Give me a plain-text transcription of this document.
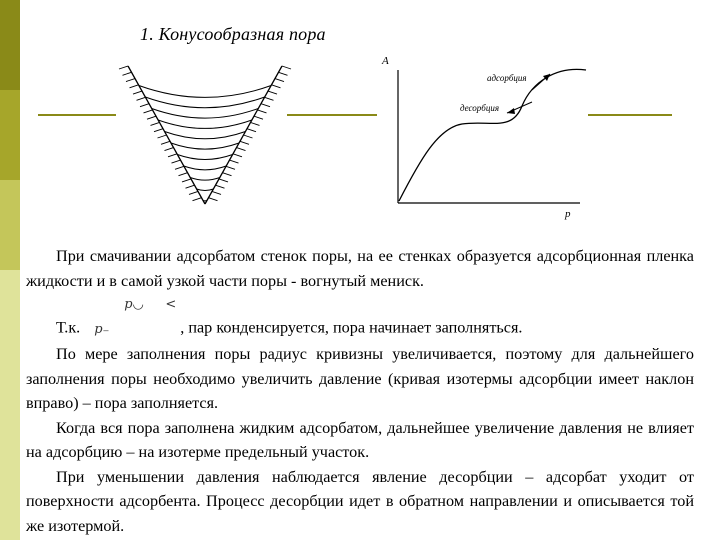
1. Конусообразная пора
A
p
адсорбция
десорбция

При смачивании адсорбатом стенок поры, на ее стенках образуется адсорбционная пленка жидкости и в самой узкой части поры - вогнутый мениск.

Т.к.p◡ < p₋	, пар конденсируется, пора начинает заполняться.

По мере заполнения поры радиус кривизны увеличивается, поэтому для дальнейшего заполнения поры необходимо увеличить давление (кривая изотермы адсорбции имеет наклон вправо) – пора заполняется.

Когда вся пора заполнена жидким адсорбатом, дальнейшее увеличение давления не влияет на адсорбцию – на изотерме предельный участок.

При уменьшении давления наблюдается явление десорбции – адсорбат уходит от поверхности адсорбента. Процесс десорбции идет в обратном направлении и описывается той же изотермой.
